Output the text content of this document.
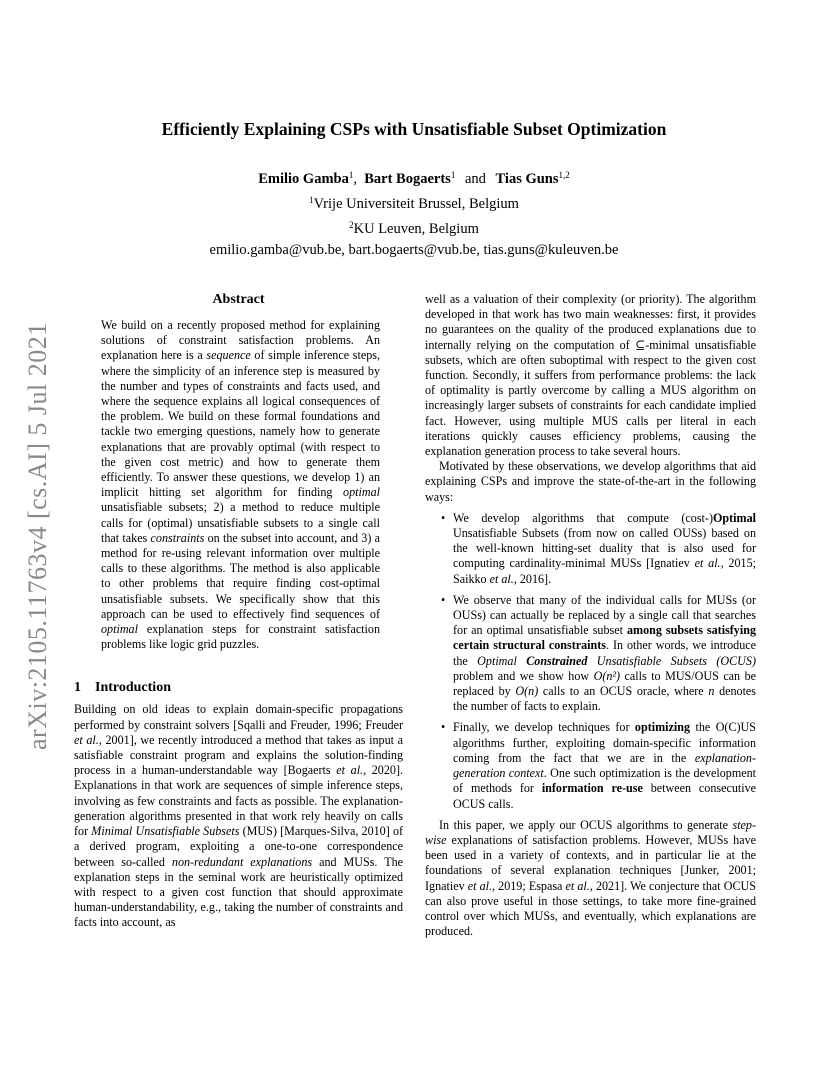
arXiv:2105.11763v4 [cs.AI] 5 Jul 2021
Efficiently Explaining CSPs with Unsatisfiable Subset Optimization
Emilio Gamba$^1$, Bart Bogaerts$^1$ and Tias Guns$^{1,2}$
$^1$Vrije Universiteit Brussel, Belgium
$^2$KU Leuven, Belgium
emilio.gamba@vub.be, bart.bogaerts@vub.be, tias.guns@kuleuven.be
Abstract

We build on a recently proposed method for explaining solutions of constraint satisfaction problems. An explanation here is a sequence of simple inference steps, where the simplicity of an inference step is measured by the number and types of constraints and facts used, and where the sequence explains all logical consequences of the problem. We build on these formal foundations and tackle two emerging questions, namely how to generate explanations that are provably optimal (with respect to the given cost metric) and how to generate them efficiently. To answer these questions, we develop 1) an implicit hitting set algorithm for finding optimal unsatisfiable subsets; 2) a method to reduce multiple calls for (optimal) unsatisfiable subsets to a single call that takes constraints on the subset into account, and 3) a method for re-using relevant information over multiple calls to these algorithms. The method is also applicable to other problems that require finding cost-optimal unsatisfiable subsets. We specifically show that this approach can be used to effectively find sequences of optimal explanation steps for constraint satisfaction problems like logic grid puzzles.

1 Introduction

Building on old ideas to explain domain-specific propagations performed by constraint solvers [Sqalli and Freuder, 1996; Freuder et al., 2001], we recently introduced a method that takes as input a satisfiable constraint program and explains the solution-finding process in a human-understandable way [Bogaerts et al., 2020]. Explanations in that work are sequences of simple inference steps, involving as few constraints and facts as possible. The explanation-generation algorithms presented in that work rely heavily on calls for Minimal Unsatisfiable Subsets (MUS) [Marques-Silva, 2010] of a derived program, exploiting a one-to-one correspondence between so-called non-redundant explanations and MUSs. The explanation steps in the seminal work are heuristically optimized with respect to a given cost function that should approximate human-understandability, e.g., taking the number of constraints and facts into account, as

well as a valuation of their complexity (or priority). The algorithm developed in that work has two main weaknesses: first, it provides no guarantees on the quality of the produced explanations due to internally relying on the computation of ⊆-minimal unsatisfiable subsets, which are often suboptimal with respect to the given cost function. Secondly, it suffers from performance problems: the lack of optimality is partly overcome by calling a MUS algorithm on increasingly larger subsets of constraints for each candidate implied fact. However, using multiple MUS calls per literal in each iterations quickly causes efficiency problems, causing the explanation generation process to take several hours.

Motivated by these observations, we develop algorithms that aid explaining CSPs and improve the state-of-the-art in the following ways:

• We develop algorithms that compute (cost-)Optimal Unsatisfiable Subsets (from now on called OUSs) based on the well-known hitting-set duality that is also used for computing cardinality-minimal MUSs [Ignatiev et al., 2015; Saikko et al., 2016].
• We observe that many of the individual calls for MUSs (or OUSs) can actually be replaced by a single call that searches for an optimal unsatisfiable subset among subsets satisfying certain structural constraints. In other words, we introduce the Optimal Constrained Unsatisfiable Subsets (OCUS) problem and we show how O(n²) calls to MUS/OUS can be replaced by O(n) calls to an OCUS oracle, where n denotes the number of facts to explain.
• Finally, we develop techniques for optimizing the O(C)US algorithms further, exploiting domain-specific information coming from the fact that we are in the explanation-generation context. One such optimization is the development of methods for information re-use between consecutive OCUS calls.

In this paper, we apply our OCUS algorithms to generate step-wise explanations of satisfaction problems. However, MUSs have been used in a variety of contexts, and in particular lie at the foundations of several explanation techniques [Junker, 2001; Ignatiev et al., 2019; Espasa et al., 2021]. We conjecture that OCUS can also prove useful in those settings, to take more fine-grained control over which MUSs, and eventually, which explanations are produced.
